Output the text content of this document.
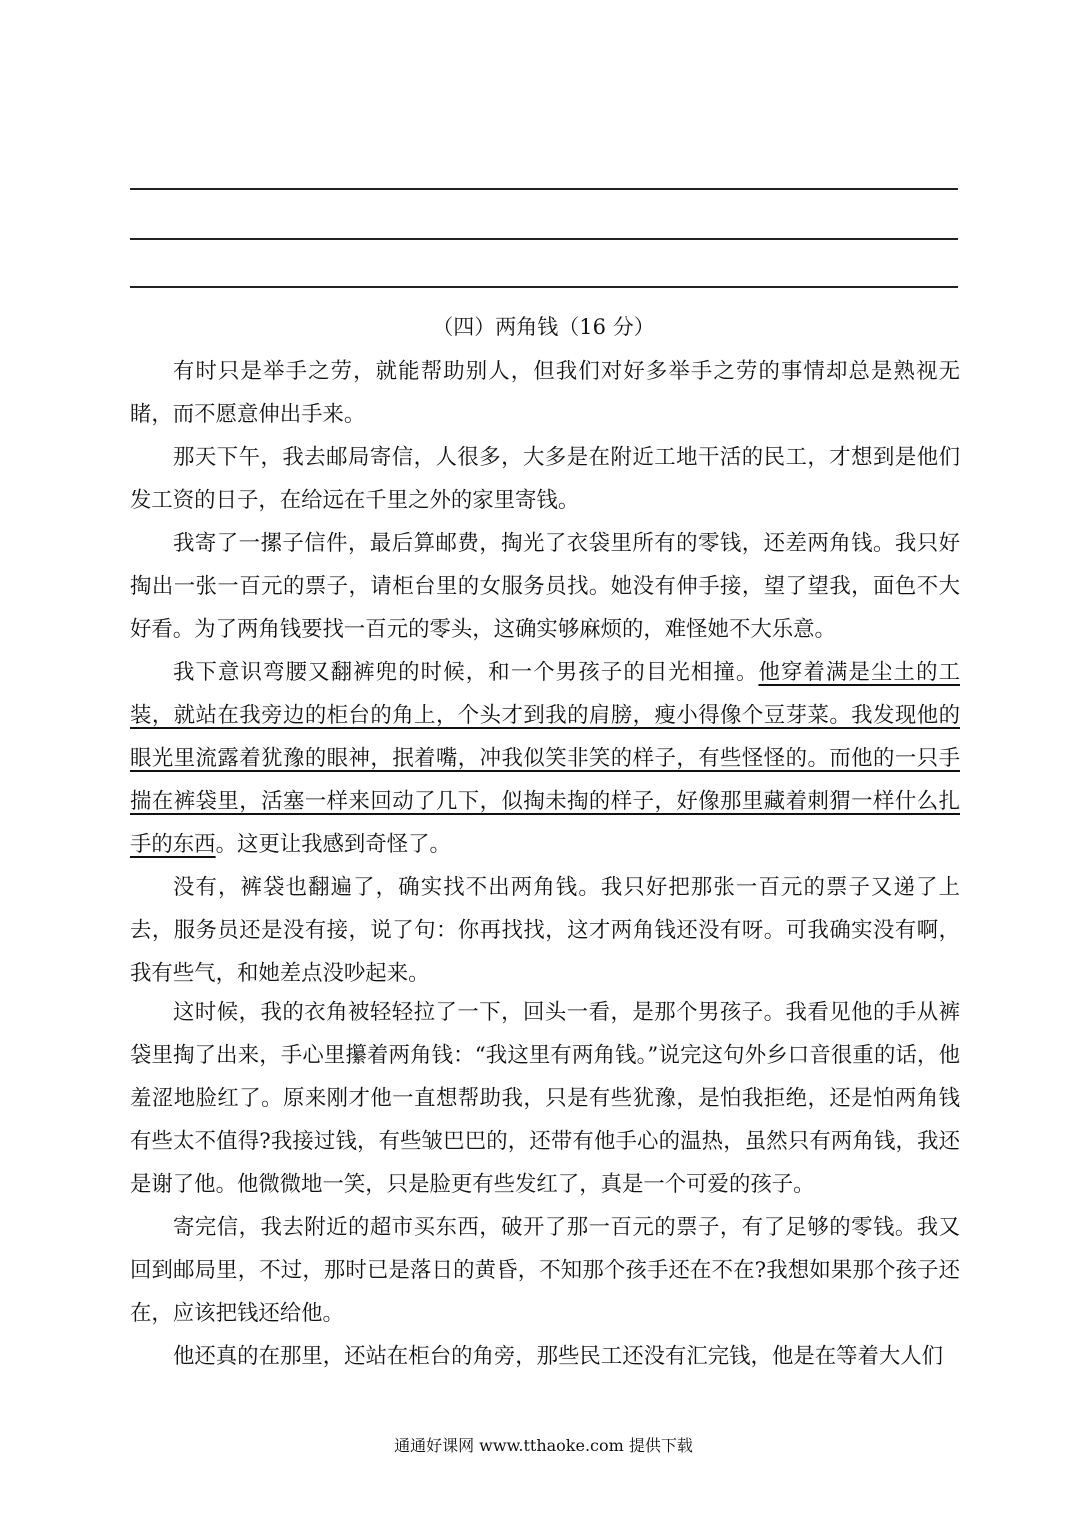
（四）两角钱（16 分）

有时只是举手之劳，就能帮助别人，但我们对好多举手之劳的事情却总是熟视无睹，而不愿意伸出手来。

那天下午，我去邮局寄信，人很多，大多是在附近工地干活的民工，才想到是他们发工资的日子，在给远在千里之外的家里寄钱。

我寄了一摞子信件，最后算邮费，掏光了衣袋里所有的零钱，还差两角钱。我只好掏出一张一百元的票子，请柜台里的女服务员找。她没有伸手接，望了望我，面色不大好看。为了两角钱要找一百元的零头，这确实够麻烦的，难怪她不大乐意。

我下意识弯腰又翻裤兜的时候，和一个男孩子的目光相撞。他穿着满是尘土的工装，就站在我旁边的柜台的角上，个头才到我的肩膀，瘦小得像个豆芽菜。我发现他的眼光里流露着犹豫的眼神，抿着嘴，冲我似笑非笑的样子，有些怪怪的。而他的一只手揣在裤袋里，活塞一样来回动了几下，似掏未掏的样子，好像那里藏着刺猬一样什么扎手的东西。这更让我感到奇怪了。

没有，裤袋也翻遍了，确实找不出两角钱。我只好把那张一百元的票子又递了上去，服务员还是没有接，说了句：你再找找，这才两角钱还没有呀。可我确实没有啊，我有些气，和她差点没吵起来。

这时候，我的衣角被轻轻拉了一下，回头一看，是那个男孩子。我看见他的手从裤袋里掏了出来，手心里攥着两角钱：“我这里有两角钱。”说完这句外乡口音很重的话，他羞涩地脸红了。原来刚才他一直想帮助我，只是有些犹豫，是怕我拒绝，还是怕两角钱有些太不值得?我接过钱，有些皱巴巴的，还带有他手心的温热，虽然只有两角钱，我还是谢了他。他微微地一笑，只是脸更有些发红了，真是一个可爱的孩子。

寄完信，我去附近的超市买东西，破开了那一百元的票子，有了足够的零钱。我又回到邮局里，不过，那时已是落日的黄昏，不知那个孩手还在不在?我想如果那个孩子还在，应该把钱还给他。

他还真的在那里，还站在柜台的角旁，那些民工还没有汇完钱，他是在等着大人们

通通好课网 www.tthaoke.com 提供下载
